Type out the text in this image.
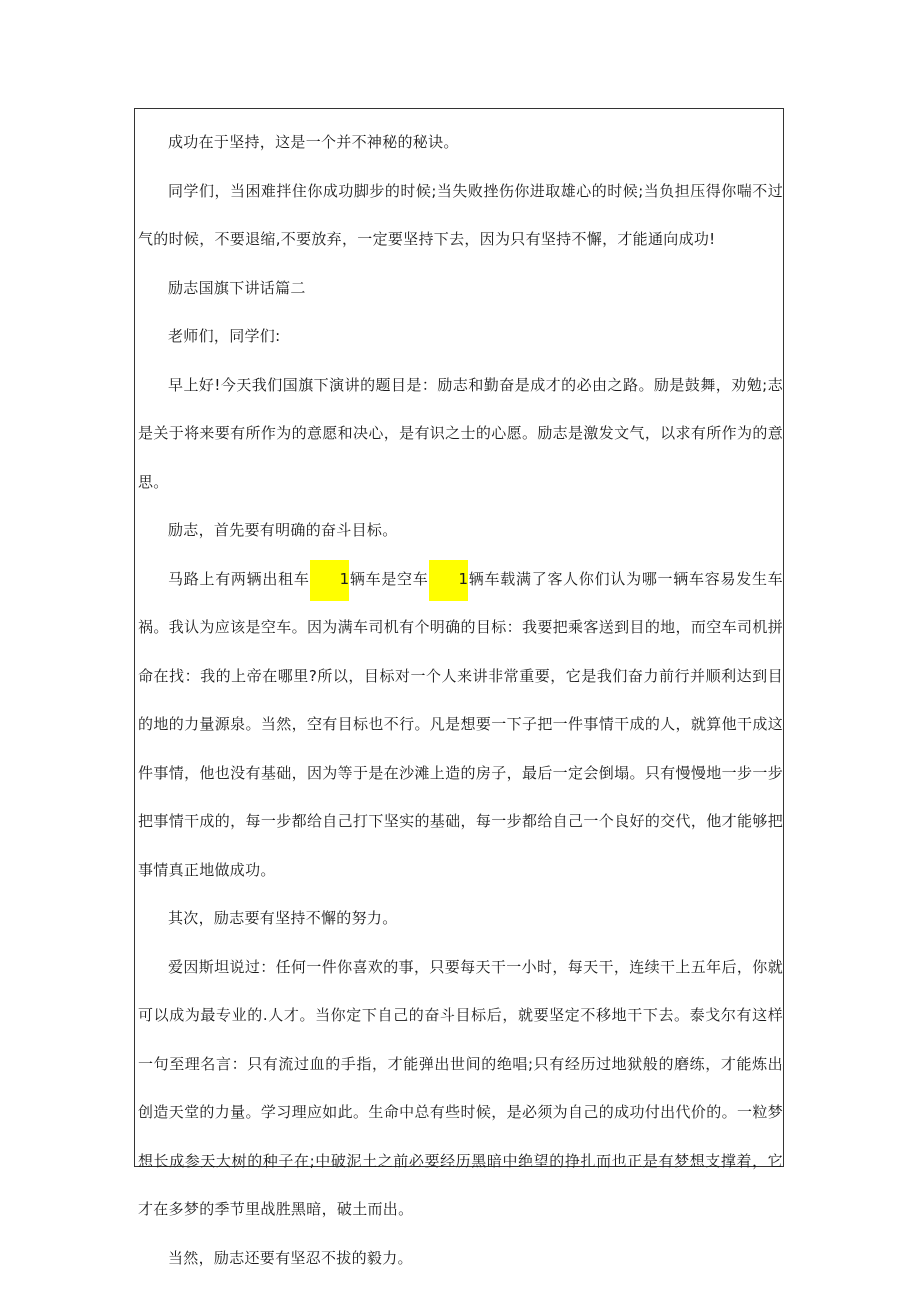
成功在于坚持，这是一个并不神秘的秘诀。

同学们，当困难拌住你成功脚步的时候;当失败挫伤你进取雄心的时候;当负担压得你喘不过气的时候，不要退缩,不要放弃，一定要坚持下去，因为只有坚持不懈，才能通向成功!

励志国旗下讲话篇二

老师们，同学们:

早上好!今天我们国旗下演讲的题目是：励志和勤奋是成才的必由之路。励是鼓舞，劝勉;志是关于将来要有所作为的意愿和决心，是有识之士的心愿。励志是激发文气，以求有所作为的意思。

励志，首先要有明确的奋斗目标。

马路上有两辆出租车 1辆车是空车 1辆车载满了客人你们认为哪一辆车容易发生车祸。我认为应该是空车。因为满车司机有个明确的目标：我要把乘客送到目的地，而空车司机拼命在找：我的上帝在哪里?所以，目标对一个人来讲非常重要，它是我们奋力前行并顺利达到目的地的力量源泉。当然，空有目标也不行。凡是想要一下子把一件事情干成的人，就算他干成这件事情，他也没有基础，因为等于是在沙滩上造的房子，最后一定会倒塌。只有慢慢地一步一步把事情干成的，每一步都给自己打下坚实的基础，每一步都给自己一个良好的交代，他才能够把事情真正地做成功。

其次，励志要有坚持不懈的努力。

爱因斯坦说过：任何一件你喜欢的事，只要每天干一小时，每天干，连续干上五年后，你就可以成为最专业的.人才。当你定下自己的奋斗目标后，就要坚定不移地干下去。泰戈尔有这样一句至理名言：只有流过血的手指，才能弹出世间的绝唱;只有经历过地狱般的磨练，才能炼出创造天堂的力量。学习理应如此。生命中总有些时候，是必须为自己的成功付出代价的。一粒梦想长成参天大树的种子在;中破泥土之前必要经历黑暗中绝望的挣扎而也正是有梦想支撑着，它才在多梦的季节里战胜黑暗，破土而出。

当然，励志还要有坚忍不拔的毅力。
